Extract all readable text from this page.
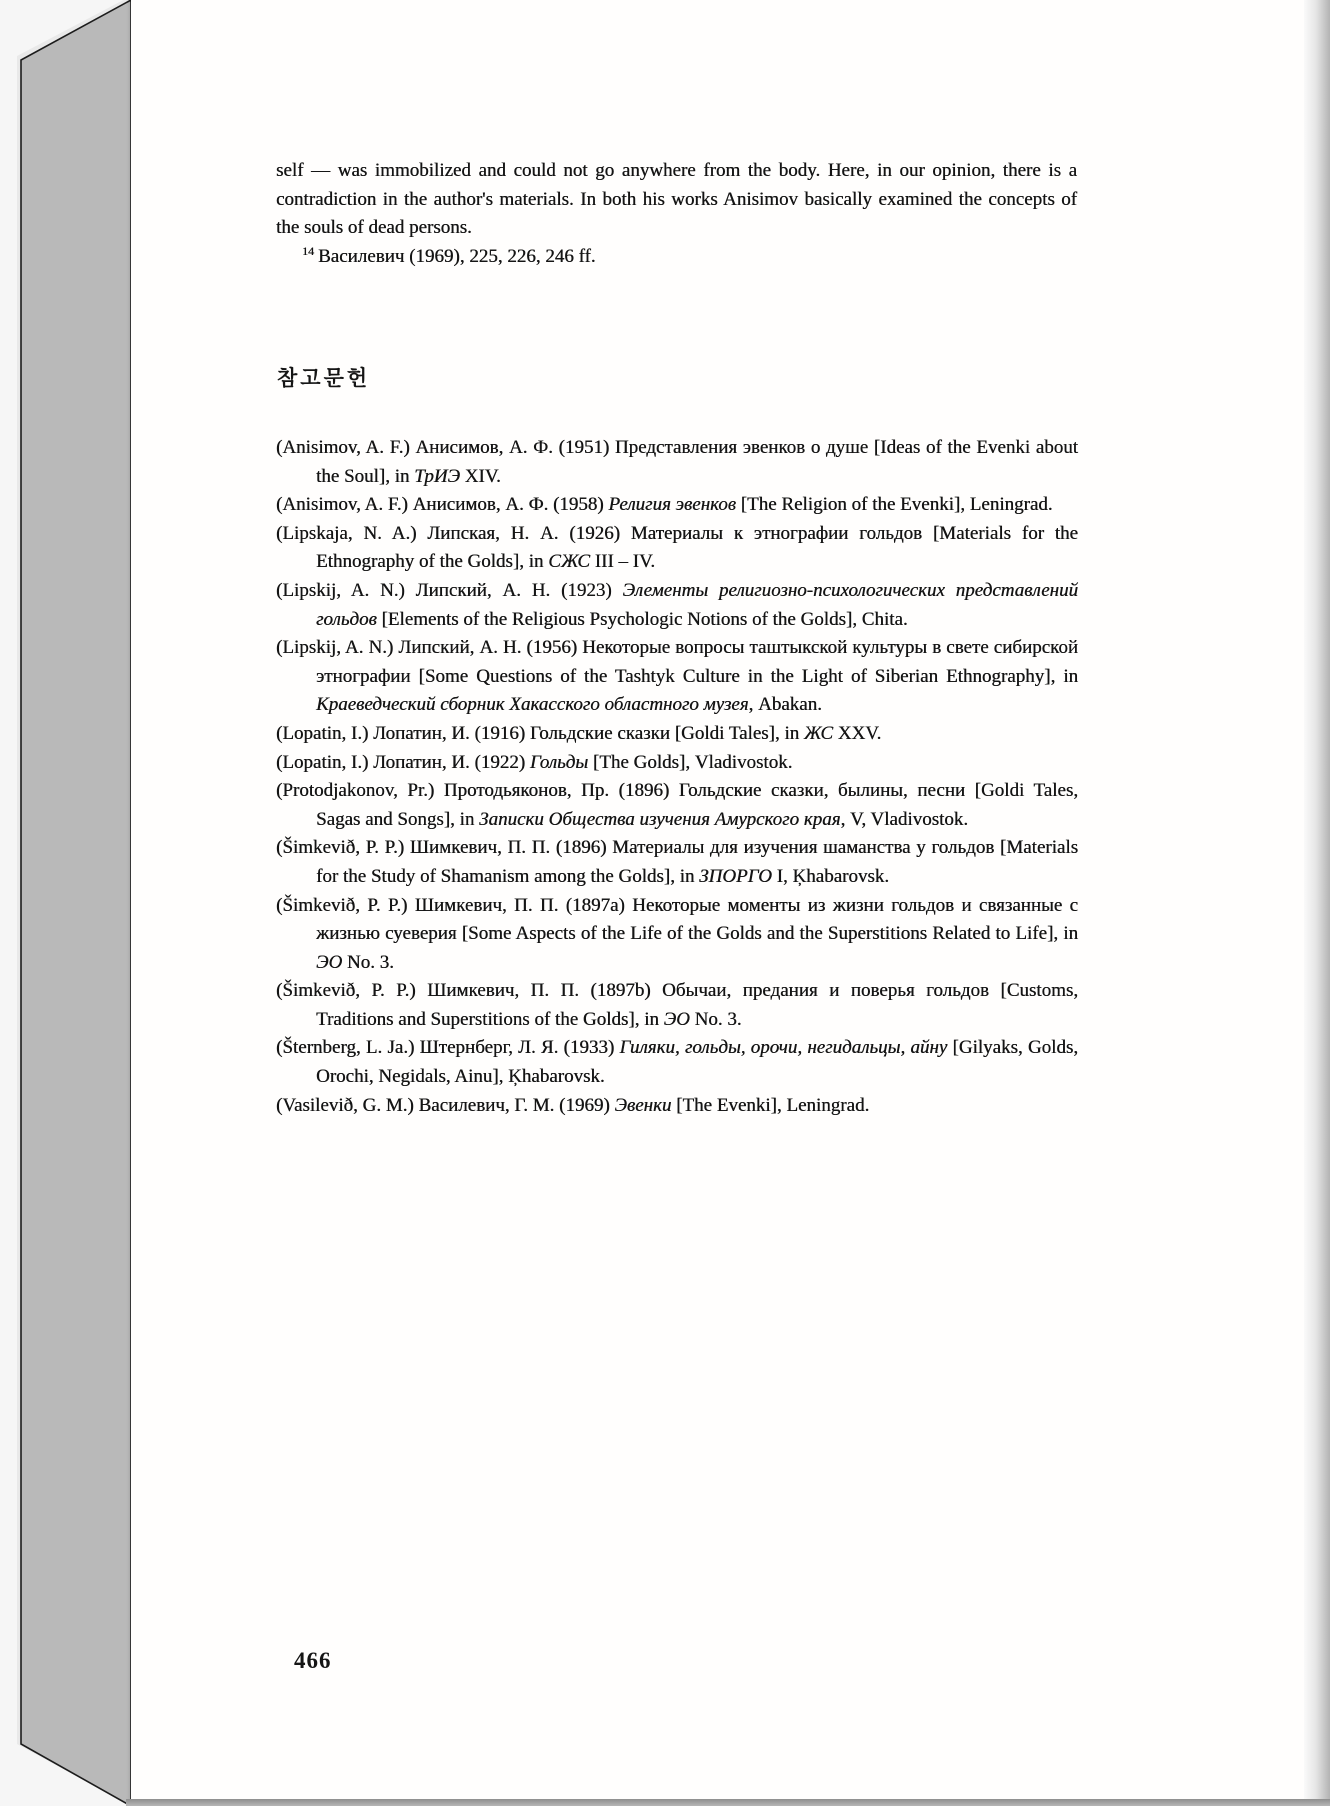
self — was immobilized and could not go anywhere from the body. Here, in our opinion, there is a contradiction in the author's materials. In both his works Anisimov basically examined the concepts of the souls of dead persons.
$^{14}$ Василевич (1969), 225, 226, 246 ff.
참고문헌
(Anisimov, A. F.) Анисимов, А. Ф. (1951) Представления эвенков о душе [Ideas of the Evenki about the Soul], in ТрИЭ XIV.
(Anisimov, A. F.) Анисимов, А. Ф. (1958) Религия эвенков [The Religion of the Evenki], Leningrad.
(Lipskaja, N. A.) Липская, Н. А. (1926) Материалы к этнографии гольдов [Materials for the Ethnography of the Golds], in СЖС III – IV.
(Lipskij, A. N.) Липский, А. Н. (1923) Элементы религиозно-психологических представлений гольдов [Elements of the Religious Psychologic Notions of the Golds], Chita.
(Lipskij, A. N.) Липский, А. Н. (1956) Некоторые вопросы таштыкской культуры в свете сибирской этнографии [Some Questions of the Tashtyk Culture in the Light of Siberian Ethnography], in Краеведческий сборник Хакасского областного музея, Abakan.
(Lopatin, I.) Лопатин, И. (1916) Гольдские сказки [Goldi Tales], in ЖС XXV.
(Lopatin, I.) Лопатин, И. (1922) Гольды [The Golds], Vladivostok.
(Protodjakonov, Pr.) Протодьяконов, Пр. (1896) Гольдские сказки, былины, песни [Goldi Tales, Sagas and Songs], in Записки Общества изучения Амурского края, V, Vladivostok.
(Šimkevið, P. P.) Шимкевич, П. П. (1896) Материалы для изучения шаманства у гольдов [Materials for the Study of Shamanism among the Golds], in ЗПОРГО I, Ķhabarovsk.
(Šimkevið, P. P.) Шимкевич, П. П. (1897a) Некоторые моменты из жизни гольдов и связанные с жизнью суеверия [Some Aspects of the Life of the Golds and the Superstitions Related to Life], in ЭО No. 3.
(Šimkevið, P. P.) Шимкевич, П. П. (1897b) Обычаи, предания и поверья гольдов [Customs, Traditions and Superstitions of the Golds], in ЭО No. 3.
(Šternberg, L. Ja.) Штернберг, Л. Я. (1933) Гиляки, гольды, орочи, негидальцы, айну [Gilyaks, Golds, Orochi, Negidals, Ainu], Ķhabarovsk.
(Vasilevið, G. M.) Василевич, Г. М. (1969) Эвенки [The Evenki], Leningrad.
466
